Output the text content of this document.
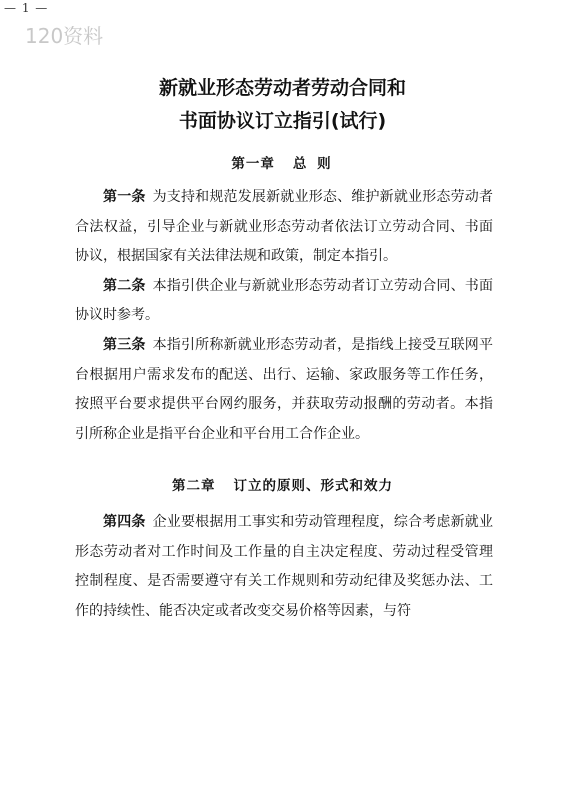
— 1 —
120资料
新就业形态劳动者劳动合同和
书面协议订立指引(试行)
第一章 总 则

第一条 为支持和规范发展新就业形态、维护新就业形态劳动者合法权益，引导企业与新就业形态劳动者依法订立劳动合同、书面协议，根据国家有关法律法规和政策，制定本指引。

第二条 本指引供企业与新就业形态劳动者订立劳动合同、书面协议时参考。

第三条 本指引所称新就业形态劳动者，是指线上接受互联网平台根据用户需求发布的配送、出行、运输、家政服务等工作任务，按照平台要求提供平台网约服务，并获取劳动报酬的劳动者。本指引所称企业是指平台企业和平台用工合作企业。

第二章 订立的原则、形式和效力

第四条 企业要根据用工事实和劳动管理程度，综合考虑新就业形态劳动者对工作时间及工作量的自主决定程度、劳动过程受管理控制程度、是否需要遵守有关工作规则和劳动纪律及奖惩办法、工作的持续性、能否决定或者改变交易价格等因素，与符
